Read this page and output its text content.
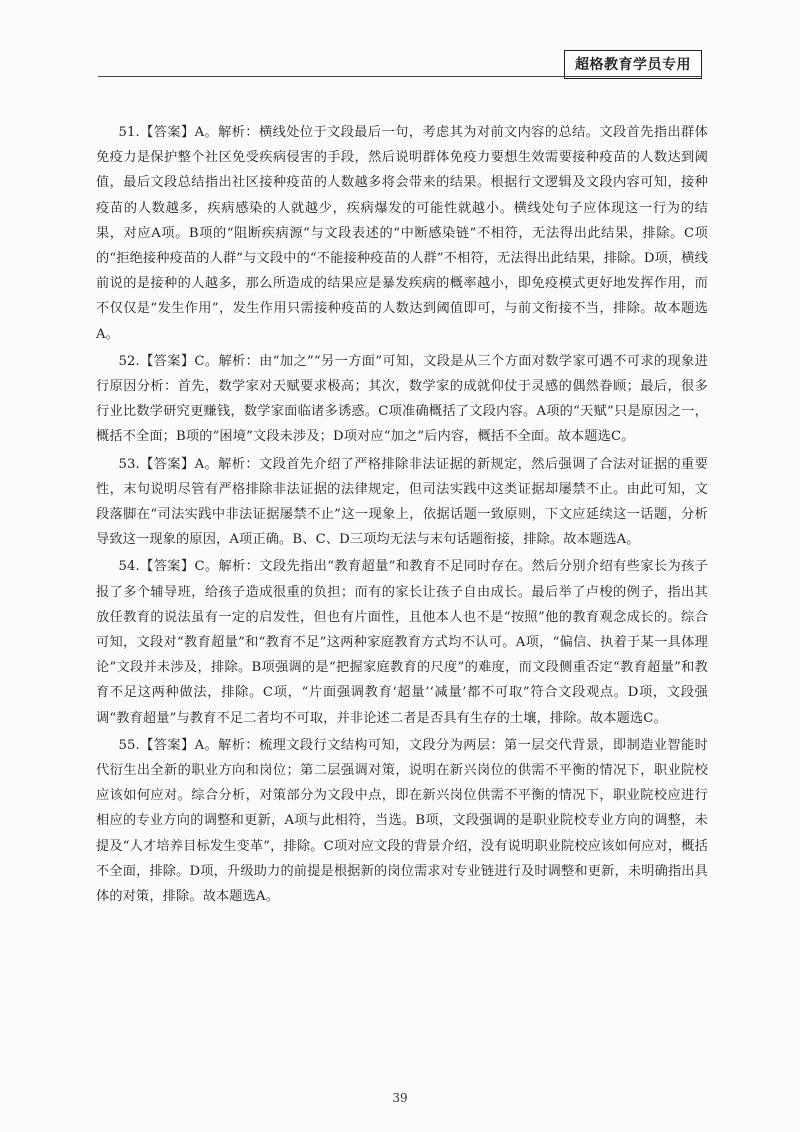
超格教育学员专用

51.【答案】A。解析：横线处位于文段最后一句，考虑其为对前文内容的总结。文段首先指出群体免疫力是保护整个社区免受疾病侵害的手段，然后说明群体免疫力要想生效需要接种疫苗的人数达到阈值，最后文段总结指出社区接种疫苗的人数越多将会带来的结果。根据行文逻辑及文段内容可知，接种疫苗的人数越多，疾病感染的人就越少，疾病爆发的可能性就越小。横线处句子应体现这一行为的结果，对应A项。B项的“阻断疾病源”与文段表述的“中断感染链”不相符，无法得出此结果，排除。C项的“拒绝接种疫苗的人群”与文段中的“不能接种疫苗的人群”不相符，无法得出此结果，排除。D项，横线前说的是接种的人越多，那么所造成的结果应是暴发疾病的概率越小，即免疫模式更好地发挥作用，而不仅仅是“发生作用”，发生作用只需接种疫苗的人数达到阈值即可，与前文衔接不当，排除。故本题选A。

52.【答案】C。解析：由“加之”“另一方面”可知，文段是从三个方面对数学家可遇不可求的现象进行原因分析：首先，数学家对天赋要求极高；其次，数学家的成就仰仗于灵感的偶然眷顾；最后，很多行业比数学研究更赚钱，数学家面临诸多诱惑。C项准确概括了文段内容。A项的“天赋”只是原因之一，概括不全面；B项的“困境”文段未涉及；D项对应“加之”后内容，概括不全面。故本题选C。

53.【答案】A。解析：文段首先介绍了严格排除非法证据的新规定，然后强调了合法对证据的重要性，末句说明尽管有严格排除非法证据的法律规定，但司法实践中这类证据却屡禁不止。由此可知，文段落脚在“司法实践中非法证据屡禁不止”这一现象上，依据话题一致原则，下文应延续这一话题，分析导致这一现象的原因，A项正确。B、C、D三项均无法与末句话题衔接，排除。故本题选A。

54.【答案】C。解析：文段先指出“教育超量”和教育不足同时存在。然后分别介绍有些家长为孩子报了多个辅导班，给孩子造成很重的负担；而有的家长让孩子自由成长。最后举了卢梭的例子，指出其放任教育的说法虽有一定的启发性，但也有片面性，且他本人也不是“按照”他的教育观念成长的。综合可知，文段对“教育超量”和“教育不足”这两种家庭教育方式均不认可。A项，“偏信、执着于某一具体理论”文段并未涉及，排除。B项强调的是“把握家庭教育的尺度”的难度，而文段侧重否定“教育超量”和教育不足这两种做法，排除。C项，“片面强调教育‘超量’‘减量’都不可取”符合文段观点。D项，文段强调“教育超量”与教育不足二者均不可取，并非论述二者是否具有生存的土壤，排除。故本题选C。

55.【答案】A。解析：梳理文段行文结构可知，文段分为两层：第一层交代背景，即制造业智能时代衍生出全新的职业方向和岗位；第二层强调对策，说明在新兴岗位的供需不平衡的情况下，职业院校应该如何应对。综合分析，对策部分为文段中点，即在新兴岗位供需不平衡的情况下，职业院校应进行相应的专业方向的调整和更新，A项与此相符，当选。B项，文段强调的是职业院校专业方向的调整，未提及“人才培养目标发生变革”，排除。C项对应文段的背景介绍，没有说明职业院校应该如何应对，概括不全面，排除。D项，升级助力的前提是根据新的岗位需求对专业链进行及时调整和更新，未明确指出具体的对策，排除。故本题选A。

39
